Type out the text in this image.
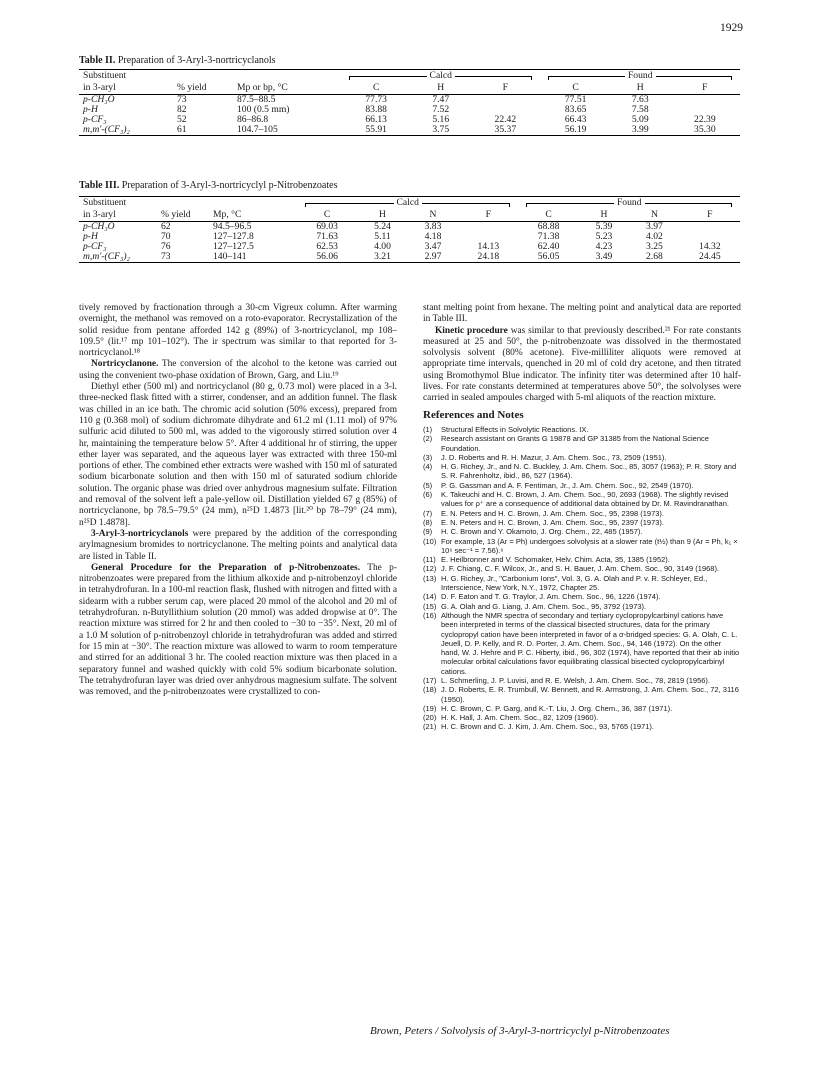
1929
Table II. Preparation of 3-Aryl-3-nortricyclanols
Substituent			Calcd			Found		
in 3-aryl	% yield	Mp or bp, °C	C	H	F	C	H	F
p-CH₃O	73	87.5–88.5	77.73	7.47		77.51	7.63	
p-H	82	100 (0.5 mm)	83.88	7.52		83.65	7.58	
p-CF₃	52	86–86.8	66.13	5.16	22.42	66.43	5.09	22.39
m,m′-(CF₃)₂	61	104.7–105	55.91	3.75	35.37	56.19	3.99	35.30
Table III. Preparation of 3-Aryl-3-nortricyclyl p-Nitrobenzoates
Substituent			Calcd				Found			
in 3-aryl	% yield	Mp, °C	C	H	N	F	C	H	N	F
p-CH₃O	62	94.5–96.5	69.03	5.24	3.83		68.88	5.39	3.97	
p-H	70	127–127.8	71.63	5.11	4.18		71.38	5.23	4.02	
p-CF₃	76	127–127.5	62.53	4.00	3.47	14.13	62.40	4.23	3.25	14.32
m,m′-(CF₃)₂	73	140–141	56.06	3.21	2.97	24.18	56.05	3.49	2.68	24.45

tively removed by fractionation through a 30-cm Vigreux column. After warming overnight, the methanol was removed on a roto-evaporator. Recrystallization of the solid residue from pentane afforded 142 g (89%) of 3-nortricyclanol, mp 108–109.5° (lit.¹⁷ mp 101–102°). The ir spectrum was similar to that reported for 3-nortricyclanol.¹⁸

Nortricyclanone. The conversion of the alcohol to the ketone was carried out using the convenient two-phase oxidation of Brown, Garg, and Liu.¹⁹

Diethyl ether (500 ml) and nortricyclanol (80 g, 0.73 mol) were placed in a 3-l. three-necked flask fitted with a stirrer, condenser, and an addition funnel. The flask was chilled in an ice bath. The chromic acid solution (50% excess), prepared from 110 g (0.368 mol) of sodium dichromate dihydrate and 61.2 ml (1.11 mol) of 97% sulfuric acid diluted to 500 ml, was added to the vigorously stirred solution over 4 hr, maintaining the temperature below 5°. After 4 additional hr of stirring, the upper ether layer was separated, and the aqueous layer was extracted with three 150-ml portions of ether. The combined ether extracts were washed with 150 ml of saturated sodium bicarbonate solution and then with 150 ml of saturated sodium chloride solution. The organic phase was dried over anhydrous magnesium sulfate. Filtration and removal of the solvent left a pale-yellow oil. Distillation yielded 67 g (85%) of nortricyclanone, bp 78.5–79.5° (24 mm), n²⁵D 1.4873 [lit.²⁰ bp 78–79° (24 mm), n²⁵D 1.4878].

3-Aryl-3-nortricyclanols were prepared by the addition of the corresponding arylmagnesium bromides to nortricyclanone. The melting points and analytical data are listed in Table II.

General Procedure for the Preparation of p-Nitrobenzoates. The p-nitrobenzoates were prepared from the lithium alkoxide and p-nitrobenzoyl chloride in tetrahydrofuran. In a 100-ml reaction flask, flushed with nitrogen and fitted with a sidearm with a rubber serum cap, were placed 20 mmol of the alcohol and 20 ml of tetrahydrofuran. n-Butyllithium solution (20 mmol) was added dropwise at 0°. The reaction mixture was stirred for 2 hr and then cooled to −30 to −35°. Next, 20 ml of a 1.0 M solution of p-nitrobenzoyl chloride in tetrahydrofuran was added and stirred for 15 min at −30°. The reaction mixture was allowed to warm to room temperature and stirred for an additional 3 hr. The cooled reaction mixture was then placed in a separatory funnel and washed quickly with cold 5% sodium bicarbonate solution. The tetrahydrofuran layer was dried over anhydrous magnesium sulfate. The solvent was removed, and the p-nitrobenzoates were crystallized to con-

stant melting point from hexane. The melting point and analytical data are reported in Table III.

Kinetic procedure was similar to that previously described.²¹ For rate constants measured at 25 and 50°, the p-nitrobenzoate was dissolved in the thermostated solvolysis solvent (80% acetone). Five-milliliter aliquots were removed at appropriate time intervals, quenched in 20 ml of cold dry acetone, and then titrated using Bromothymol Blue indicator. The infinity titer was determined after 10 half-lives. For rate constants determined at temperatures above 50°, the solvolyses were carried in sealed ampoules charged with 5-ml aliquots of the reaction mixture.

References and Notes
(1)	Structural Effects in Solvolytic Reactions. IX.
(2)	Research assistant on Grants G 19878 and GP 31385 from the National Science Foundation.
(3)	J. D. Roberts and R. H. Mazur, J. Am. Chem. Soc., 73, 2509 (1951).
(4)	H. G. Richey, Jr., and N. C. Buckley, J. Am. Chem. Soc., 85, 3057 (1963); P. R. Story and S. R. Fahrenholtz, ibid., 86, 527 (1964).
(5)	P. G. Gassman and A. F. Fentiman, Jr., J. Am. Chem. Soc., 92, 2549 (1970).
(6)	K. Takeuchi and H. C. Brown, J. Am. Chem. Soc., 90, 2693 (1968). The slightly revised values for ρ⁺ are a consequence of additional data obtained by Dr. M. Ravindranathan.
(7)	E. N. Peters and H. C. Brown, J. Am. Chem. Soc., 95, 2398 (1973).
(8)	E. N. Peters and H. C. Brown, J. Am. Chem. Soc., 95, 2397 (1973).
(9)	H. C. Brown and Y. Okamoto, J. Org. Chem., 22, 485 (1957).
(10) For example, 13 (Ar = Ph) undergoes solvolysis at a slower rate (t½) than 9 (Ar = Ph, k₁ × 10⁶ sec⁻¹ = 7.56).⁶
(11) E. Heilbronner and V. Schomaker, Helv. Chim. Acta, 35, 1385 (1952).
(12) J. F. Chiang, C. F. Wilcox, Jr., and S. H. Bauer, J. Am. Chem. Soc., 90, 3149 (1968).
(13) H. G. Richey, Jr., "Carbonium Ions", Vol. 3, G. A. Olah and P. v. R. Schleyer, Ed., Interscience, New York, N.Y., 1972, Chapter 25.
(14) D. F. Eaton and T. G. Traylor, J. Am. Chem. Soc., 96, 1226 (1974).
(15) G. A. Olah and G. Liang, J. Am. Chem. Soc., 95, 3792 (1973).
(16) Although the NMR spectra of secondary and tertiary cyclopropylcarbinyl cations have been interpreted in terms of the classical bisected structures, data for the primary cyclopropyl cation have been interpreted in favor of a σ-bridged species: G. A. Olah, C. L. Jeuell, D. P. Kelly, and R. D. Porter, J. Am. Chem. Soc., 94, 146 (1972). On the other hand, W. J. Hehre and P. C. Hiberty, ibid., 96, 302 (1974), have reported that their ab initio molecular orbital calculations favor equilibrating classical bisected cyclopropylcarbinyl cations.
(17) L. Schmerling, J. P. Luvisi, and R. E. Welsh, J. Am. Chem. Soc., 78, 2819 (1956).
(18) J. D. Roberts, E. R. Trumbull, W. Bennett, and R. Armstrong, J. Am. Chem. Soc., 72, 3116 (1950).
(19) H. C. Brown, C. P. Garg, and K.-T. Liu, J. Org. Chem., 36, 387 (1971).
(20) H. K. Hall, J. Am. Chem. Soc., 82, 1209 (1960).
(21) H. C. Brown and C. J. Kim, J. Am. Chem. Soc., 93, 5765 (1971).
Brown, Peters / Solvolysis of 3-Aryl-3-nortricyclyl p-Nitrobenzoates
